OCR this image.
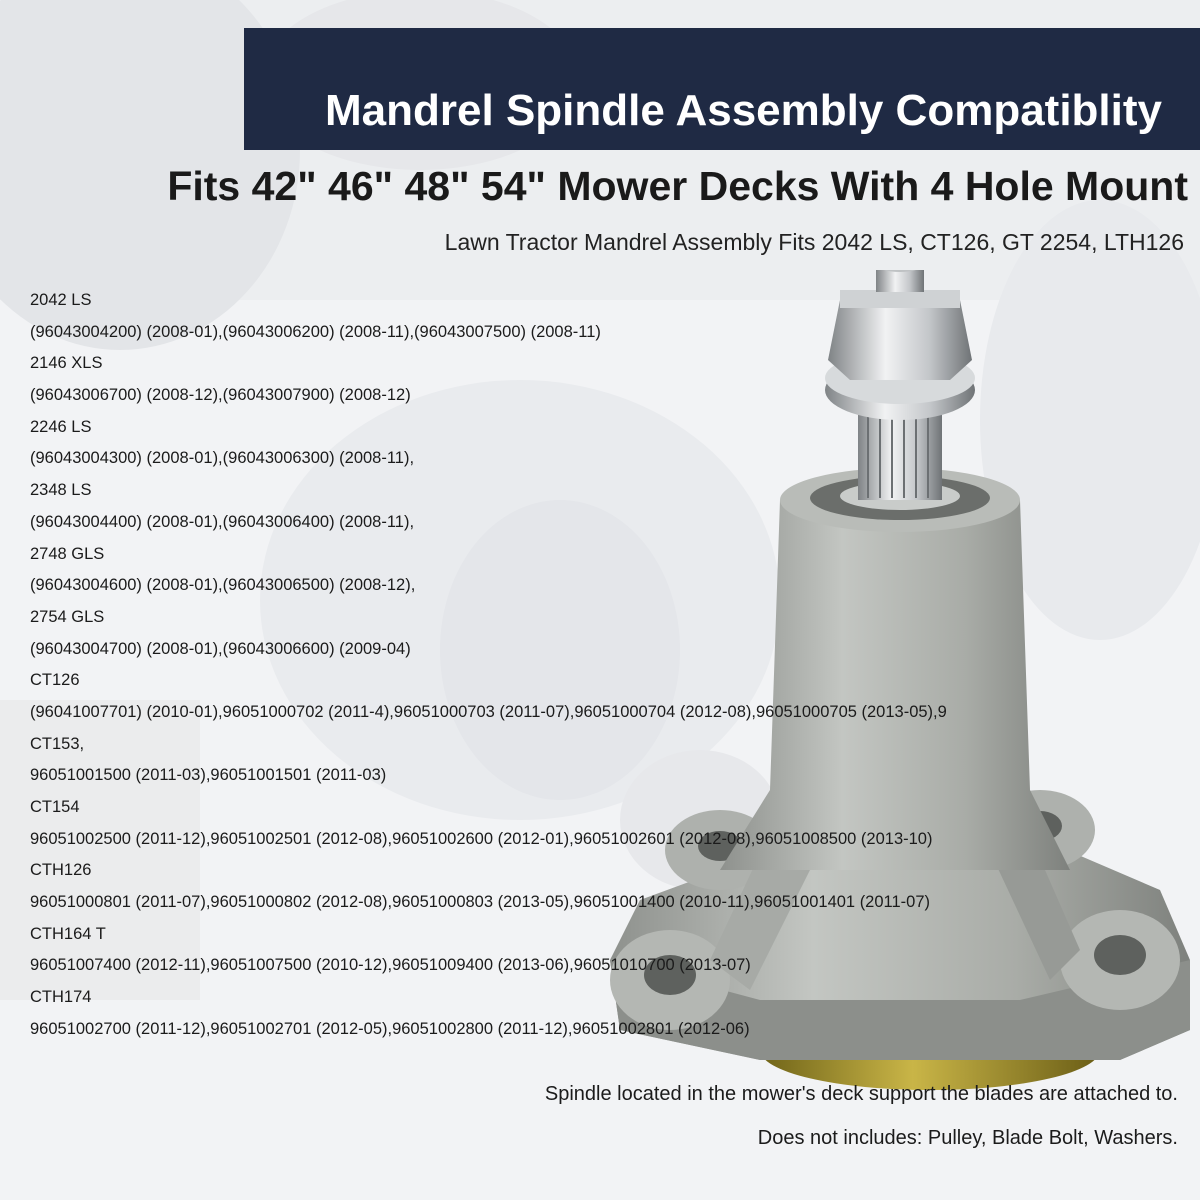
Mandrel Spindle Assembly Compatiblity
Fits 42" 46" 48" 54" Mower Decks With 4 Hole Mount
Lawn Tractor Mandrel Assembly Fits 2042 LS, CT126, GT 2254, LTH126
2042 LS
(96043004200) (2008-01),(96043006200) (2008-11),(96043007500) (2008-11)
2146 XLS
(96043006700) (2008-12),(96043007900) (2008-12)
2246 LS
(96043004300) (2008-01),(96043006300) (2008-11),
2348 LS
(96043004400) (2008-01),(96043006400) (2008-11),
2748 GLS
(96043004600) (2008-01),(96043006500) (2008-12),
2754 GLS
(96043004700) (2008-01),(96043006600) (2009-04)
CT126
(96041007701) (2010-01),96051000702 (2011-4),96051000703 (2011-07),96051000704 (2012-08),96051000705 (2013-05),9
CT153,
96051001500 (2011-03),96051001501 (2011-03)
CT154
96051002500 (2011-12),96051002501 (2012-08),96051002600 (2012-01),96051002601 (2012-08),96051008500 (2013-10)
CTH126
96051000801 (2011-07),96051000802 (2012-08),96051000803 (2013-05),96051001400 (2010-11),96051001401 (2011-07)
CTH164 T
96051007400 (2012-11),96051007500 (2010-12),96051009400 (2013-06),96051010700 (2013-07)
CTH174
96051002700 (2011-12),96051002701 (2012-05),96051002800 (2011-12),96051002801 (2012-06)
Spindle located in the mower's deck support the blades are attached to.
Does not includes: Pulley, Blade Bolt, Washers.
